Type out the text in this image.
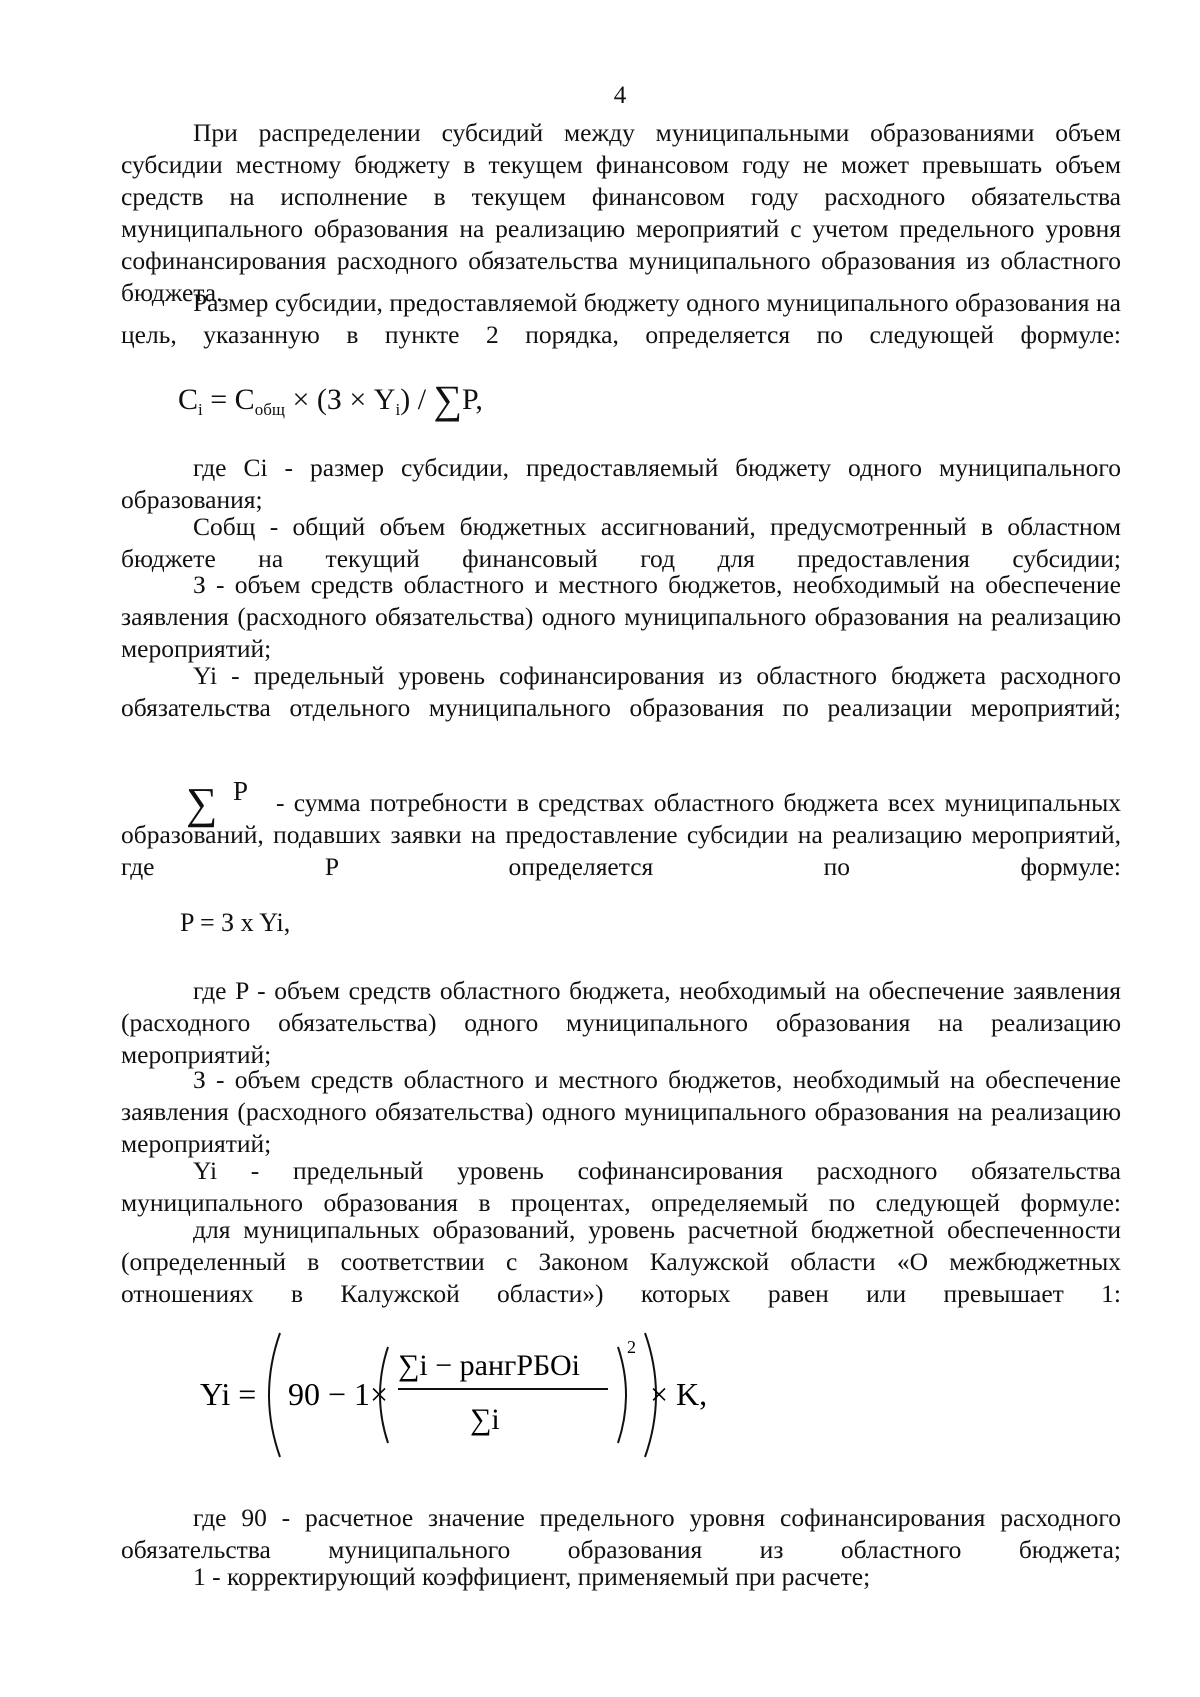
4

При распределении субсидий между муниципальными образованиями объем субсидии местному бюджету в текущем финансовом году не может превышать объем средств на исполнение в текущем финансовом году расходного обязательства муниципального образования на реализацию мероприятий с учетом предельного уровня софинансирования расходного обязательства муниципального образования из областного бюджета.

Размер субсидии, предоставляемой бюджету одного муниципального образования на цель, указанную в пункте 2 порядка, определяется по следующей формуле:

$C_i = C_{общ} \times (З \times Y_i) / \sum P$,

где Ci - размер субсидии, предоставляемый бюджету одного муниципального образования;

Cобщ - общий объем бюджетных ассигнований, предусмотренный в областном бюджете на текущий финансовый год для предоставления субсидии;

З - объем средств областного и местного бюджетов, необходимый на обеспечение заявления (расходного обязательства) одного муниципального образования на реализацию мероприятий;

Yi - предельный уровень софинансирования из областного бюджета расходного обязательства отдельного муниципального образования по реализации мероприятий;

∑ P	- сумма потребности в средствах областного бюджета всех муниципальных образований, подавших заявки на предоставление субсидии на реализацию мероприятий, где P определяется по формуле:

P = З x Yi,

где P - объем средств областного бюджета, необходимый на обеспечение заявления (расходного обязательства) одного муниципального образования на реализацию мероприятий;

З - объем средств областного и местного бюджетов, необходимый на обеспечение заявления (расходного обязательства) одного муниципального образования на реализацию мероприятий;

Yi - предельный уровень софинансирования расходного обязательства муниципального образования в процентах, определяемый по следующей формуле:

для муниципальных образований, уровень расчетной бюджетной обеспеченности (определенный в соответствии с Законом Калужской области «О межбюджетных отношениях в Калужской области») которых равен или превышает 1:

Yi = 90 − 1×
∑i − рангРБОi
∑i
2
× K,

где 90 - расчетное значение предельного уровня софинансирования расходного обязательства муниципального образования из областного бюджета;

1 - корректирующий коэффициент, применяемый при расчете;
